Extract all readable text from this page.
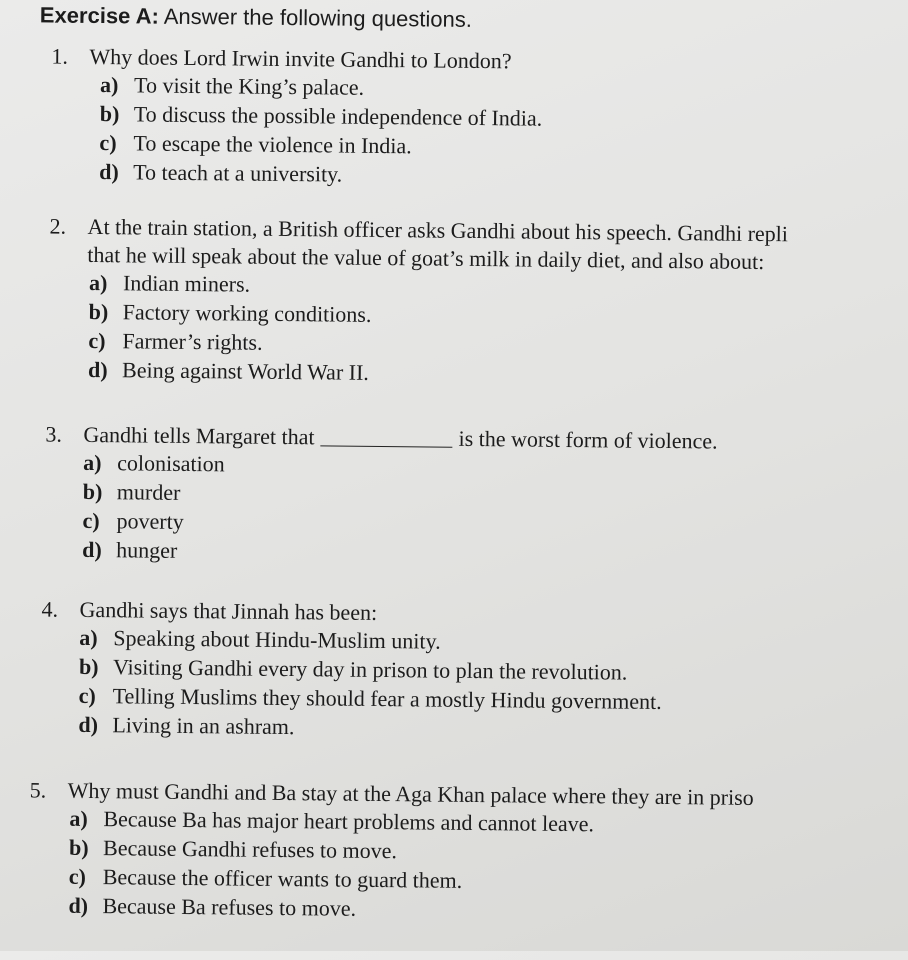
Exercise A: Answer the following questions.
1. Why does Lord Irwin invite Gandhi to London?
a) To visit the King’s palace.
b) To discuss the possible independence of India.
c) To escape the violence in India.
d) To teach at a university.
2. At the train station, a British officer asks Gandhi about his speech. Gandhi repli
that he will speak about the value of goat’s milk in daily diet, and also about:
a) Indian miners.
b) Factory working conditions.
c) Farmer’s rights.
d) Being against World War II.
3. Gandhi tells Margaret that	is the worst form of violence.
a) colonisation
b) murder
c) poverty
d) hunger
4. Gandhi says that Jinnah has been:
a) Speaking about Hindu-Muslim unity.
b) Visiting Gandhi every day in prison to plan the revolution.
c) Telling Muslims they should fear a mostly Hindu government.
d) Living in an ashram.
5. Why must Gandhi and Ba stay at the Aga Khan palace where they are in priso
a) Because Ba has major heart problems and cannot leave.
b) Because Gandhi refuses to move.
c) Because the officer wants to guard them.
d) Because Ba refuses to move.
